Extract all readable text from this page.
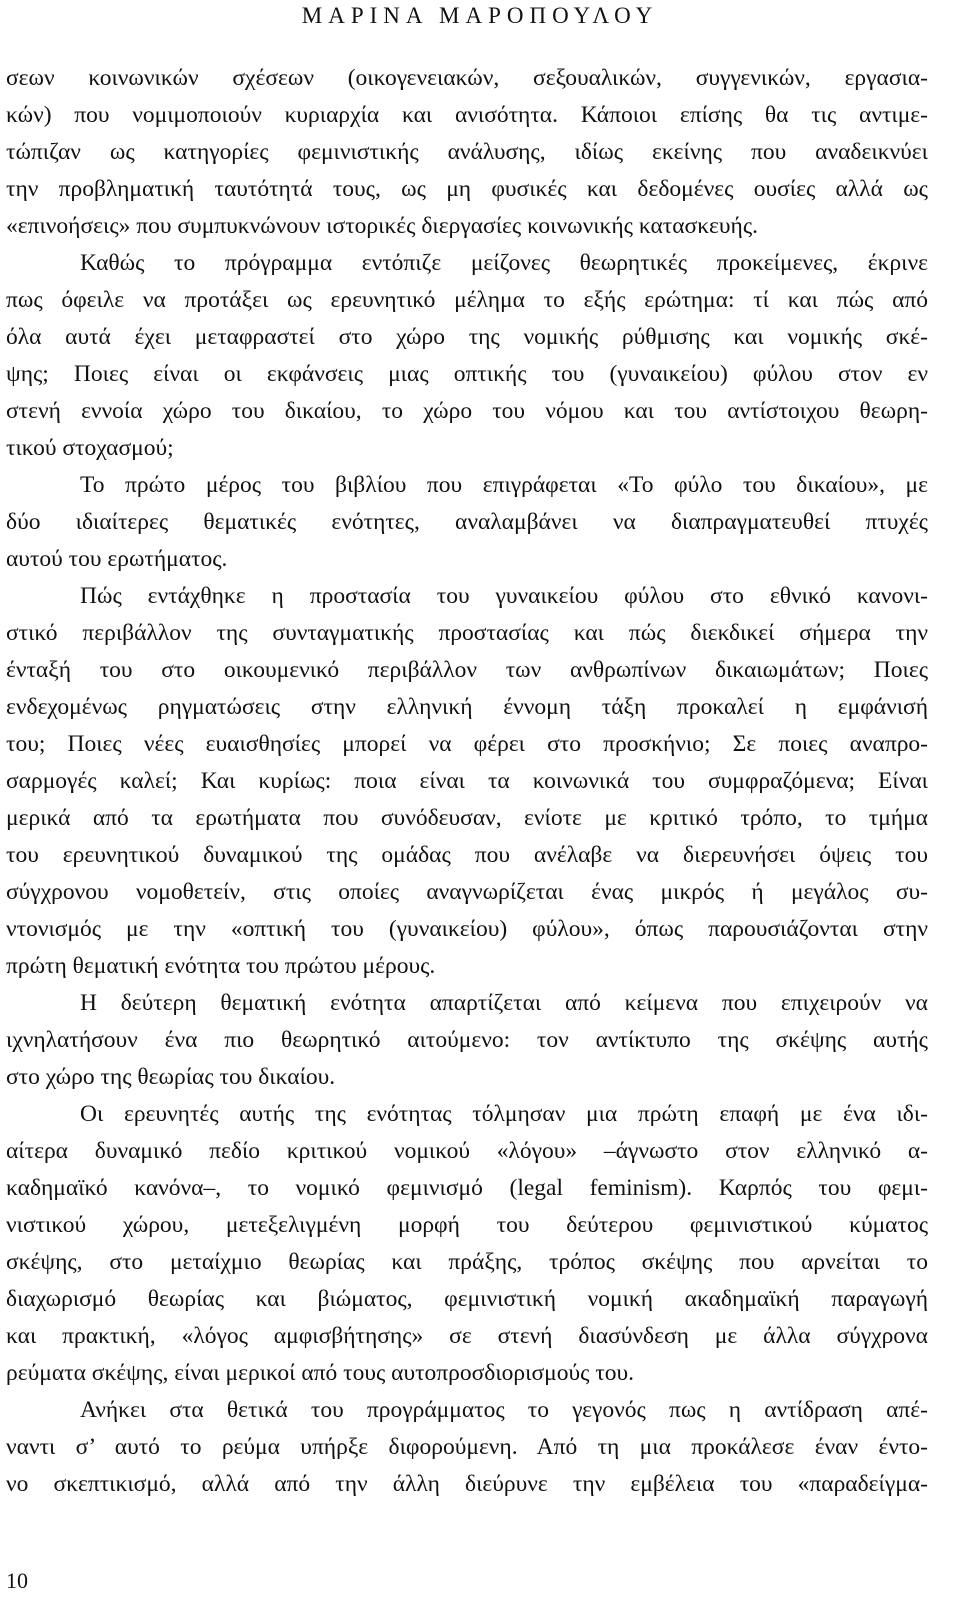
ΜΑΡΙΝΑ ΜΑΡΟΠΟΥΛΟΥ

σεων κοινωνικών σχέσεων (οικογενειακών, σεξουαλικών, συγγενικών, εργασια-
κών) που νομιμοποιούν κυριαρχία και ανισότητα. Κάποιοι επίσης θα τις αντιμε-
τώπιζαν ως κατηγορίες φεμινιστικής ανάλυσης, ιδίως εκείνης που αναδεικνύει
την προβληματική ταυτότητά τους, ως μη φυσικές και δεδομένες ουσίες αλλά ως
«επινοήσεις» που συμπυκνώνουν ιστορικές διεργασίες κοινωνικής κατασκευής.

Καθώς το πρόγραμμα εντόπιζε μείζονες θεωρητικές προκείμενες, έκρινε
πως όφειλε να προτάξει ως ερευνητικό μέλημα το εξής ερώτημα: τί και πώς από
όλα αυτά έχει μεταφραστεί στο χώρο της νομικής ρύθμισης και νομικής σκέ-
ψης; Ποιες είναι οι εκφάνσεις μιας οπτικής του (γυναικείου) φύλου στον εν
στενή εννοία χώρο του δικαίου, το χώρο του νόμου και του αντίστοιχου θεωρη-
τικού στοχασμού;

Το πρώτο μέρος του βιβλίου που επιγράφεται «Το φύλο του δικαίου», με
δύο ιδιαίτερες θεματικές ενότητες, αναλαμβάνει να διαπραγματευθεί πτυχές
αυτού του ερωτήματος.

Πώς εντάχθηκε η προστασία του γυναικείου φύλου στο εθνικό κανονι-
στικό περιβάλλον της συνταγματικής προστασίας και πώς διεκδικεί σήμερα την
ένταξή του στο οικουμενικό περιβάλλον των ανθρωπίνων δικαιωμάτων; Ποιες
ενδεχομένως ρηγματώσεις στην ελληνική έννομη τάξη προκαλεί η εμφάνισή
του; Ποιες νέες ευαισθησίες μπορεί να φέρει στο προσκήνιο; Σε ποιες αναπρο-
σαρμογές καλεί; Και κυρίως: ποια είναι τα κοινωνικά του συμφραζόμενα; Είναι
μερικά από τα ερωτήματα που συνόδευσαν, ενίοτε με κριτικό τρόπο, το τμήμα
του ερευνητικού δυναμικού της ομάδας που ανέλαβε να διερευνήσει όψεις του
σύγχρονου νομοθετείν, στις οποίες αναγνωρίζεται ένας μικρός ή μεγάλος συ-
ντονισμός με την «οπτική του (γυναικείου) φύλου», όπως παρουσιάζονται στην
πρώτη θεματική ενότητα του πρώτου μέρους.

Η δεύτερη θεματική ενότητα απαρτίζεται από κείμενα που επιχειρούν να
ιχνηλατήσουν ένα πιο θεωρητικό αιτούμενο: τον αντίκτυπο της σκέψης αυτής
στο χώρο της θεωρίας του δικαίου.

Οι ερευνητές αυτής της ενότητας τόλμησαν μια πρώτη επαφή με ένα ιδι-
αίτερα δυναμικό πεδίο κριτικού νομικού «λόγου» –άγνωστο στον ελληνικό α-
καδημαϊκό κανόνα–, το νομικό φεμινισμό (legal feminism). Καρπός του φεμι-
νιστικού χώρου, μετεξελιγμένη μορφή του δεύτερου φεμινιστικού κύματος
σκέψης, στο μεταίχμιο θεωρίας και πράξης, τρόπος σκέψης που αρνείται το
διαχωρισμό θεωρίας και βιώματος, φεμινιστική νομική ακαδημαϊκή παραγωγή
και πρακτική, «λόγος αμφισβήτησης» σε στενή διασύνδεση με άλλα σύγχρονα
ρεύματα σκέψης, είναι μερικοί από τους αυτοπροσδιορισμούς του.

Ανήκει στα θετικά του προγράμματος το γεγονός πως η αντίδραση απέ-
ναντι σ’ αυτό το ρεύμα υπήρξε διφορούμενη. Από τη μια προκάλεσε έναν έντο-
νο σκεπτικισμό, αλλά από την άλλη διεύρυνε την εμβέλεια του «παραδείγμα-

10
